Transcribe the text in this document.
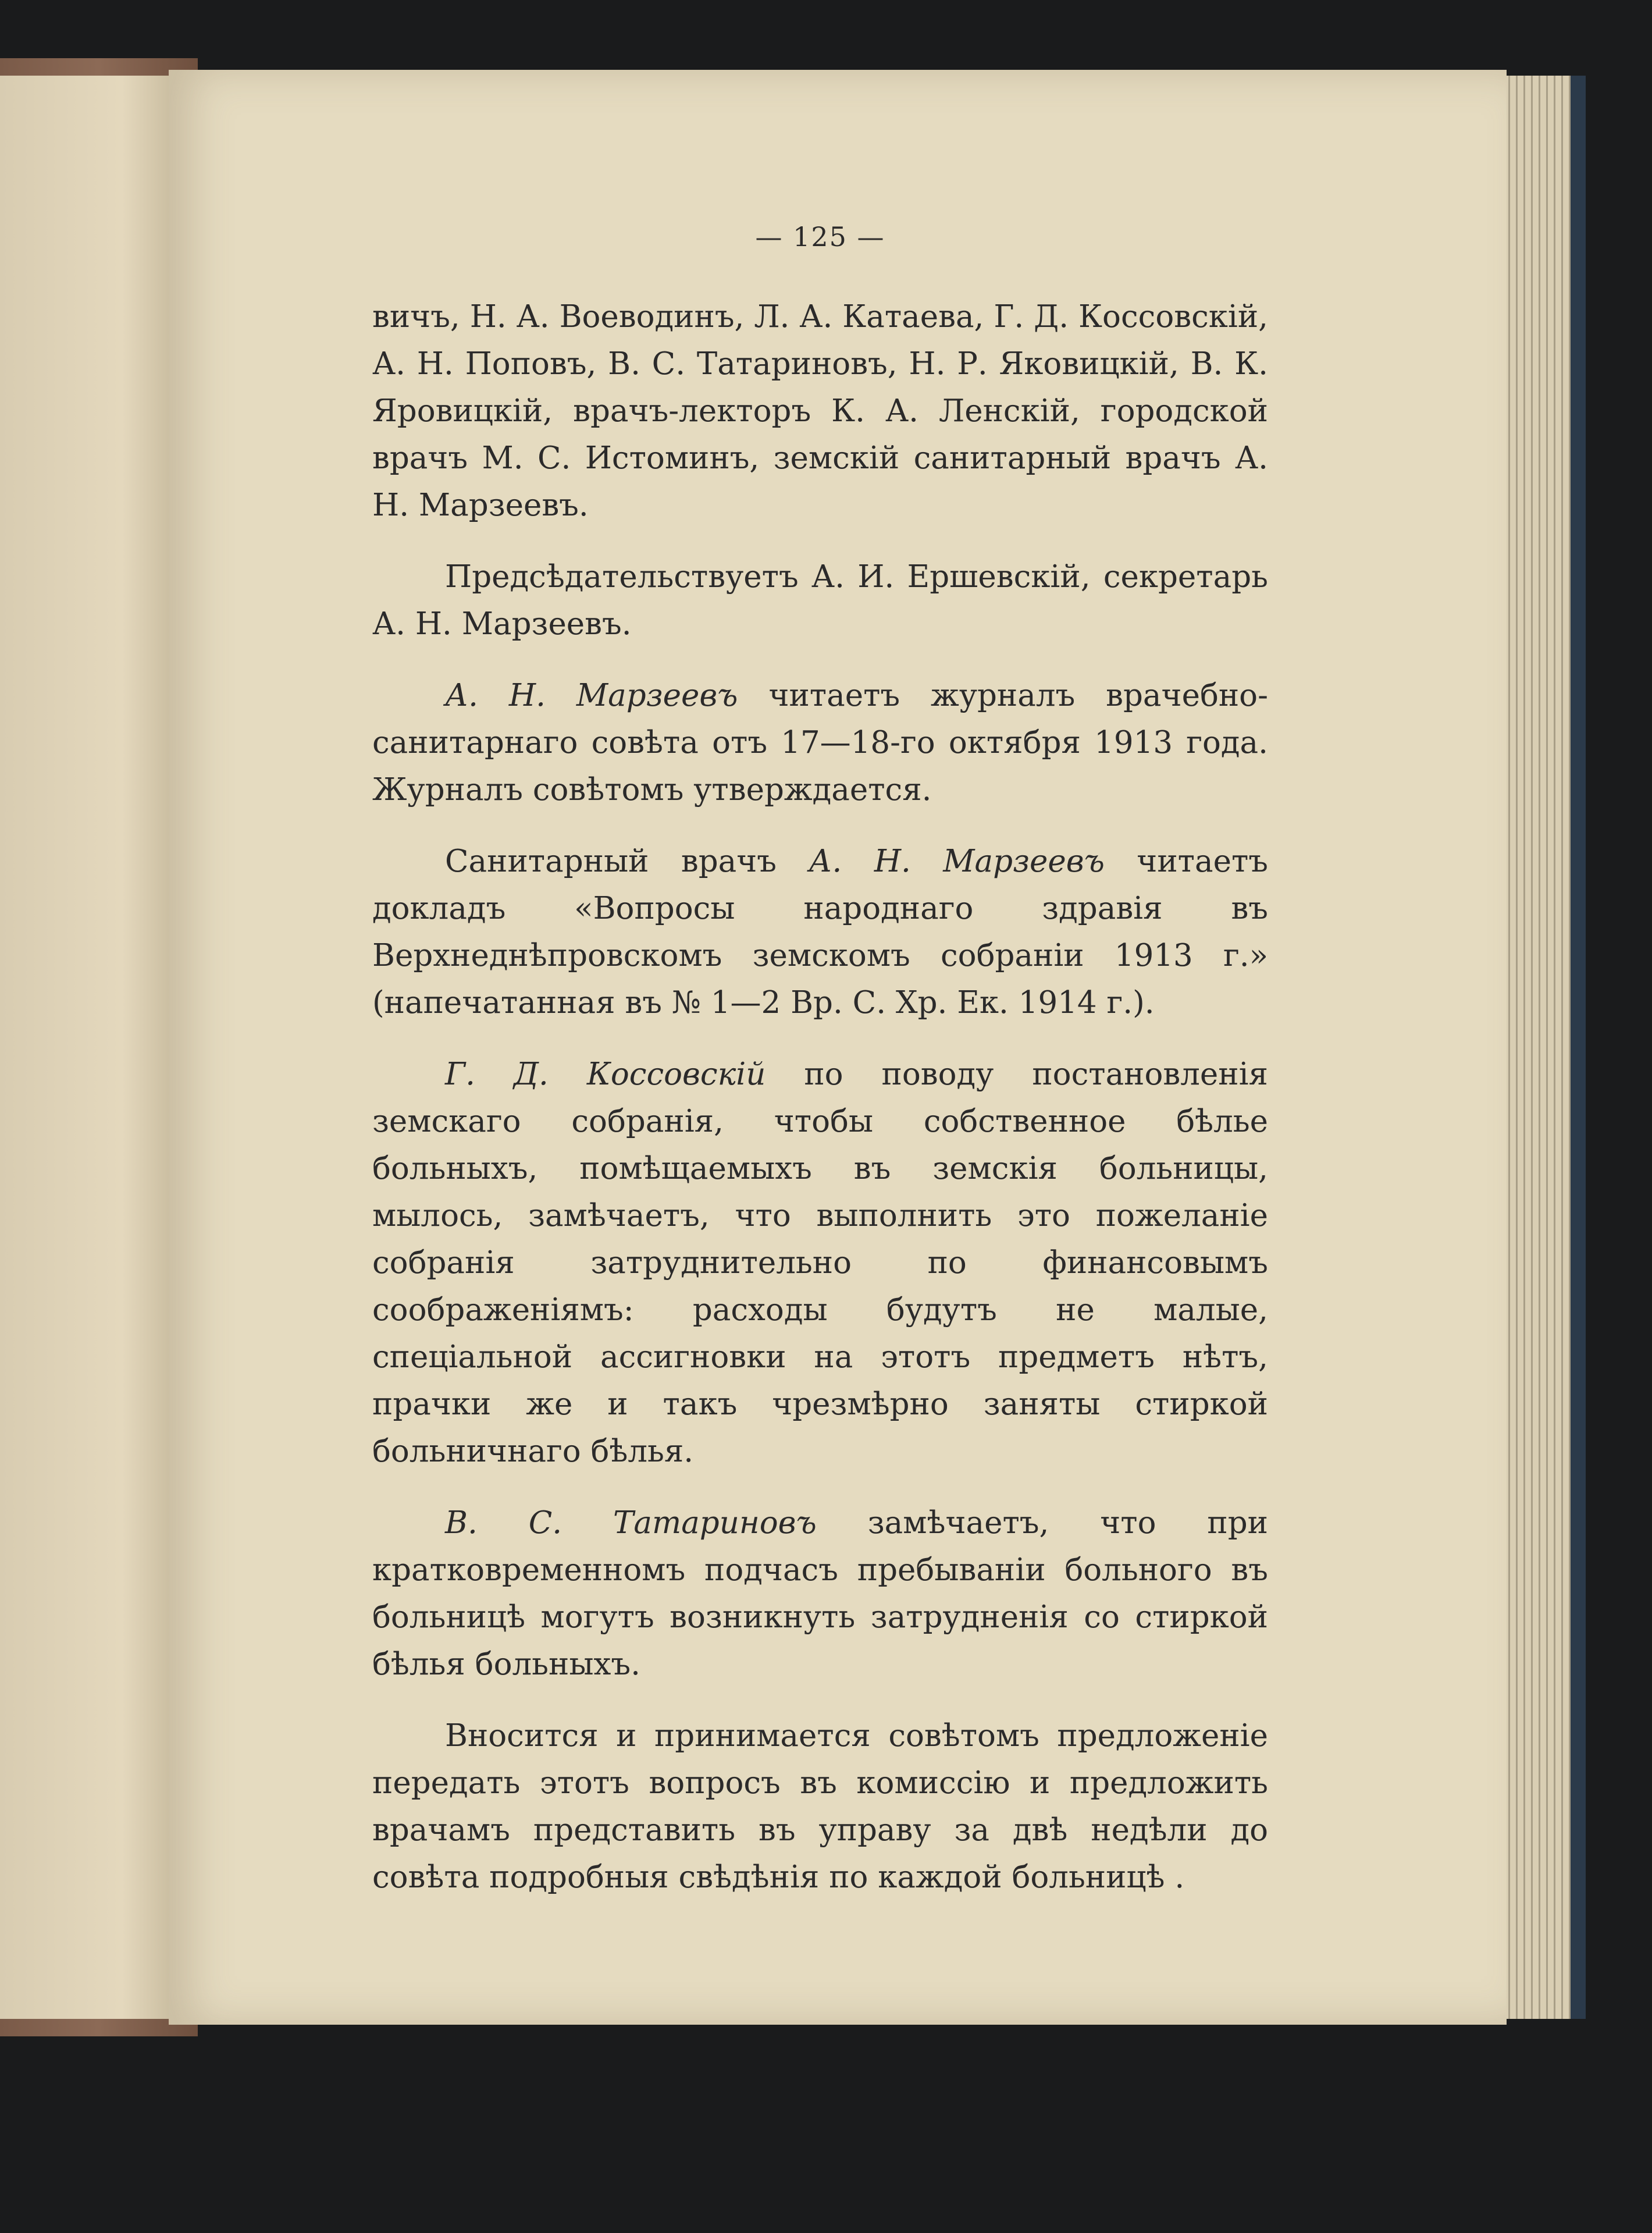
— 125 —

вичъ, Н. А. Воеводинъ, Л. А. Катаева, Г. Д. Коссовскій, А. Н. Поповъ, В. С. Татариновъ, Н. Р. Яковицкій, В. К. Яровицкій, врачъ-лекторъ К. А. Ленскій, городской врачъ М. С. Истоминъ, земскій санитарный врачъ А. Н. Марзеевъ.

Предсѣдательствуетъ А. И. Ершевскій, секретарь А. Н. Марзеевъ.

А. Н. Марзеевъ читаетъ журналъ врачебно-санитарнаго совѣта отъ 17—18-го октября 1913 года. Журналъ совѣтомъ утверждается.

Санитарный врачъ А. Н. Марзеевъ читаетъ докладъ «Вопросы народнаго здравія въ Верхнеднѣпровскомъ земскомъ собраніи 1913 г.» (напечатанная въ № 1—2 Вр. С. Хр. Ек. 1914 г.).

Г. Д. Коссовскій по поводу постановленія земскаго собранія, чтобы собственное бѣлье больныхъ, помѣщаемыхъ въ земскія больницы, мылось, замѣчаетъ, что выполнить это пожеланіе собранія затруднительно по финансовымъ соображеніямъ: расходы будутъ не малые, спеціальной ассигновки на этотъ предметъ нѣтъ, прачки же и такъ чрезмѣрно заняты стиркой больничнаго бѣлья.

В. С. Татариновъ замѣчаетъ, что при кратковременномъ подчасъ пребываніи больного въ больницѣ могутъ возникнуть затрудненія со стиркой бѣлья больныхъ.

Вносится и принимается совѣтомъ предложеніе передать этотъ вопросъ въ комиссію и предложить врачамъ представить въ управу за двѣ недѣли до совѣта подробныя свѣдѣнія по каждой больницѣ .
